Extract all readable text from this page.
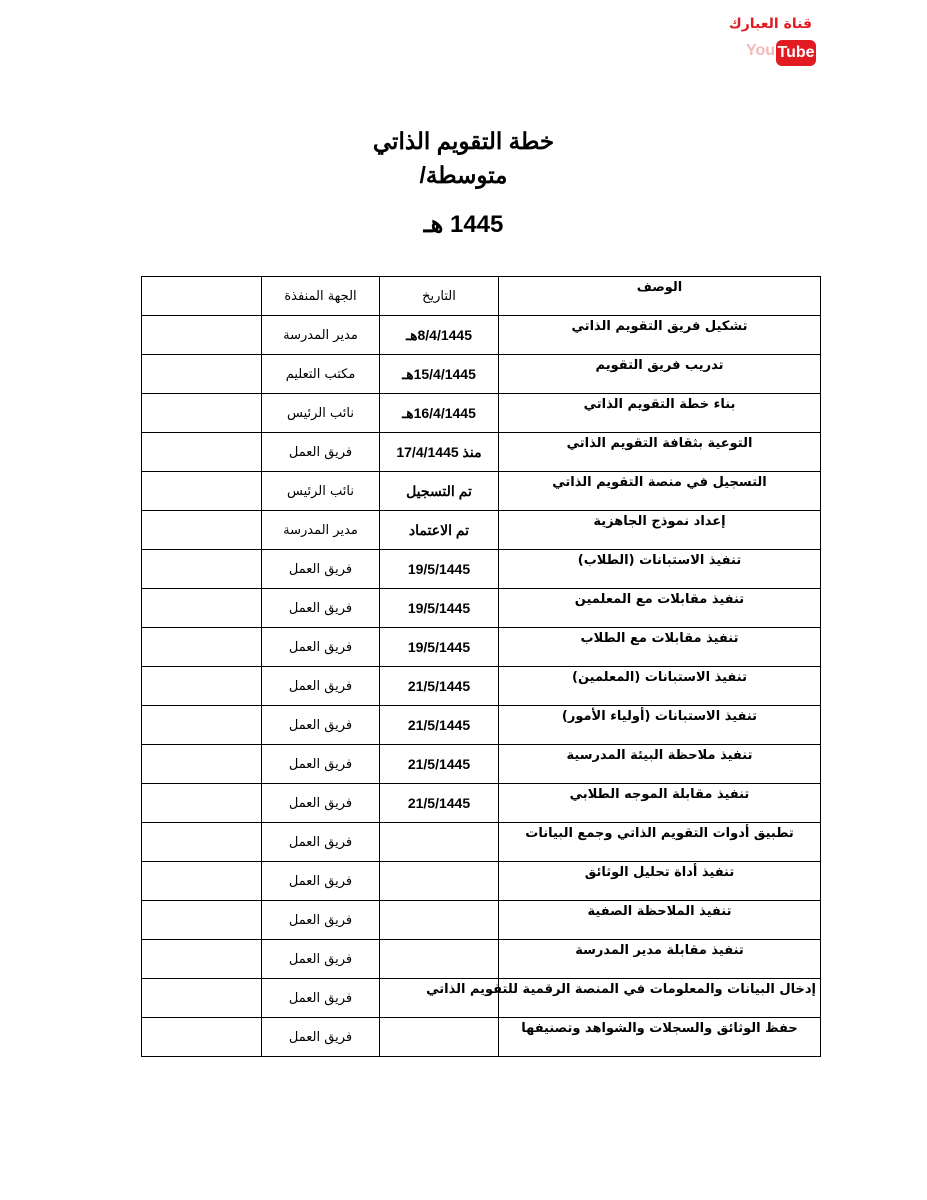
قناة العبارك
You Tube
خطة التقويم الذاتي
متوسطة/
1445 هـ
الوصف	التاريخ	الجهة المنفذة	
تشكيل فريق التقويم الذاتي	8/4/1445هـ	مدير المدرسة	
تدريب فريق التقويم	15/4/1445هـ	مكتب التعليم	
بناء خطة التقويم الذاتي	16/4/1445هـ	نائب الرئيس	
التوعية بثقافة التقويم الذاتي	منذ 17/4/1445	فريق العمل	
التسجيل في منصة التقويم الذاتي	تم التسجيل	نائب الرئيس	
إعداد نموذج الجاهزية	تم الاعتماد	مدير المدرسة	
تنفيذ الاستبانات (الطلاب)	19/5/1445	فريق العمل	
تنفيذ مقابلات مع المعلمين	19/5/1445	فريق العمل	
تنفيذ مقابلات مع الطلاب	19/5/1445	فريق العمل	
تنفيذ الاستبانات (المعلمين)	21/5/1445	فريق العمل	
تنفيذ الاستبانات (أولياء الأمور)	21/5/1445	فريق العمل	
تنفيذ ملاحظة البيئة المدرسية	21/5/1445	فريق العمل	
تنفيذ مقابلة الموجه الطلابي	21/5/1445	فريق العمل	
تطبيق أدوات التقويم الذاتي وجمع البيانات		فريق العمل	
تنفيذ أداة تحليل الوثائق		فريق العمل	
تنفيذ الملاحظة الصفية		فريق العمل	
تنفيذ مقابلة مدير المدرسة		فريق العمل	
إدخال البيانات والمعلومات في المنصة الرقمية للتقويم الذاتي		فريق العمل	
حفظ الوثائق والسجلات والشواهد وتصنيفها		فريق العمل	
